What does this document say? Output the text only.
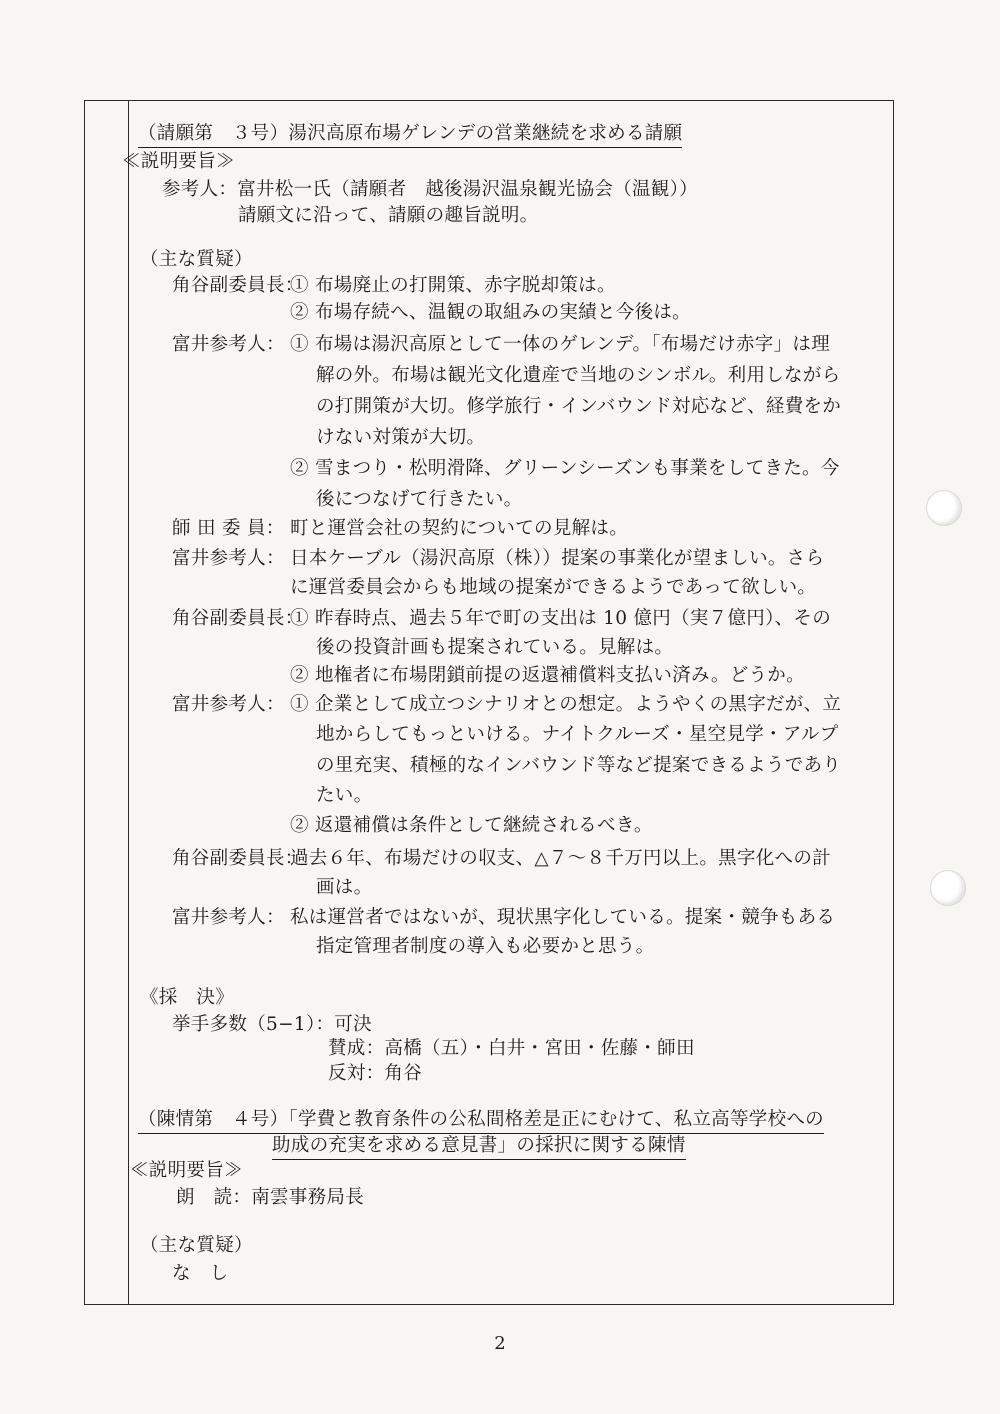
（請願第　３号）湯沢高原布場ゲレンデの営業継続を求める請願
≪説明要旨≫
参考人：富井松一氏（請願者　越後湯沢温泉観光協会（温観））
請願文に沿って、請願の趣旨説明。
（主な質疑）
角谷副委員長：
① 布場廃止の打開策、赤字脱却策は。
② 布場存続へ、温観の取組みの実績と今後は。
富井参考人： ① 布場は湯沢高原として一体のゲレンデ。「布場だけ赤字」は理
解の外。布場は観光文化遺産で当地のシンボル。利用しながら
の打開策が大切。修学旅行・インバウンド対応など、経費をか
けない対策が大切。
② 雪まつり・松明滑降、グリーンシーズンも事業をしてきた。今
後につなげて行きたい。
師 田 委 員： 町と運営会社の契約についての見解は。
富井参考人： 日本ケーブル（湯沢高原（株））提案の事業化が望ましい。さら
に運営委員会からも地域の提案ができるようであって欲しい。
角谷副委員長：
① 昨春時点、過去５年で町の支出は 10 億円（実７億円）、その
後の投資計画も提案されている。見解は。
② 地権者に布場閉鎖前提の返還補償料支払い済み。どうか。
富井参考人： ① 企業として成立つシナリオとの想定。ようやくの黒字だが、立
地からしてもっといける。ナイトクルーズ・星空見学・アルプ
の里充実、積極的なインバウンド等など提案できるようであり
たい。
② 返還補償は条件として継続されるべき。
角谷副委員長：
過去６年、布場だけの収支、△７～８千万円以上。黒字化への計
画は。
富井参考人： 私は運営者ではないが、現状黒字化している。提案・競争もある
指定管理者制度の導入も必要かと思う。
《採　決》
挙手多数（5−1）：可決
賛成：高橋（五）・白井・宮田・佐藤・師田
反対：角谷
（陳情第　４号）「学費と教育条件の公私間格差是正にむけて、私立高等学校への
助成の充実を求める意見書」の採択に関する陳情
≪説明要旨≫
朗　読：南雲事務局長
（主な質疑）
な　し
2
